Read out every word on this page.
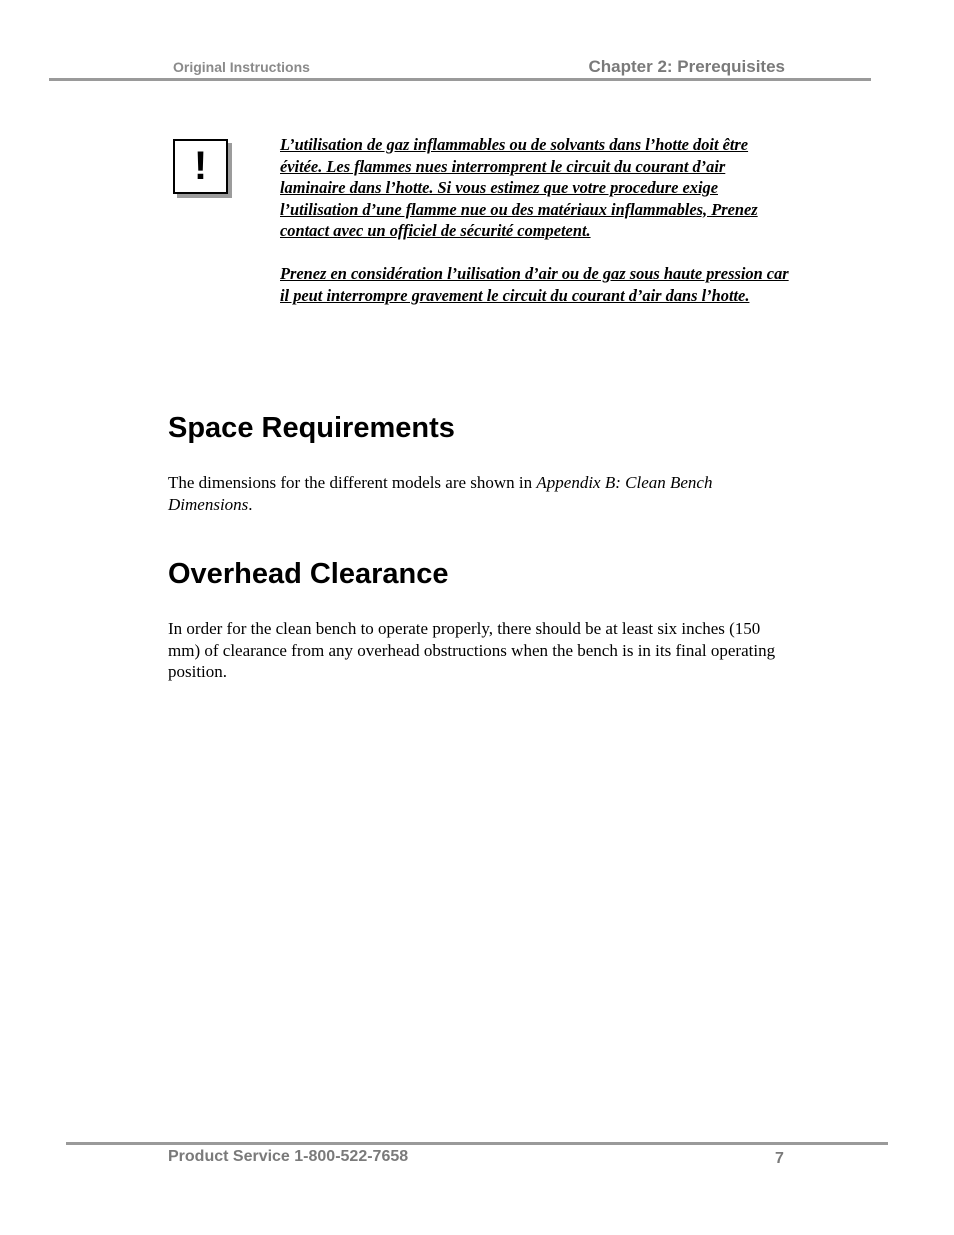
Original Instructions	Chapter 2: Prerequisites
!	L’utilisation de gaz inflammables ou de solvants dans l’hotte doit être évitée. Les flammes nues interromprent le circuit du courant d’air laminaire dans l’hotte. Si vous estimez que votre procedure exige l’utilisation d’une flamme nue ou des matériaux inflammables, Prenez contact avec un officiel de sécurité competent.

Prenez en considération l’uilisation d’air ou de gaz sous haute pression car il peut interrompre gravement le circuit du courant d’air dans l’hotte.

Space Requirements

The dimensions for the different models are shown in Appendix B: Clean Bench Dimensions.

Overhead Clearance

In order for the clean bench to operate properly, there should be at least six inches (150 mm) of clearance from any overhead obstructions when the bench is in its final operating position.

Product Service 1-800-522-7658	7
